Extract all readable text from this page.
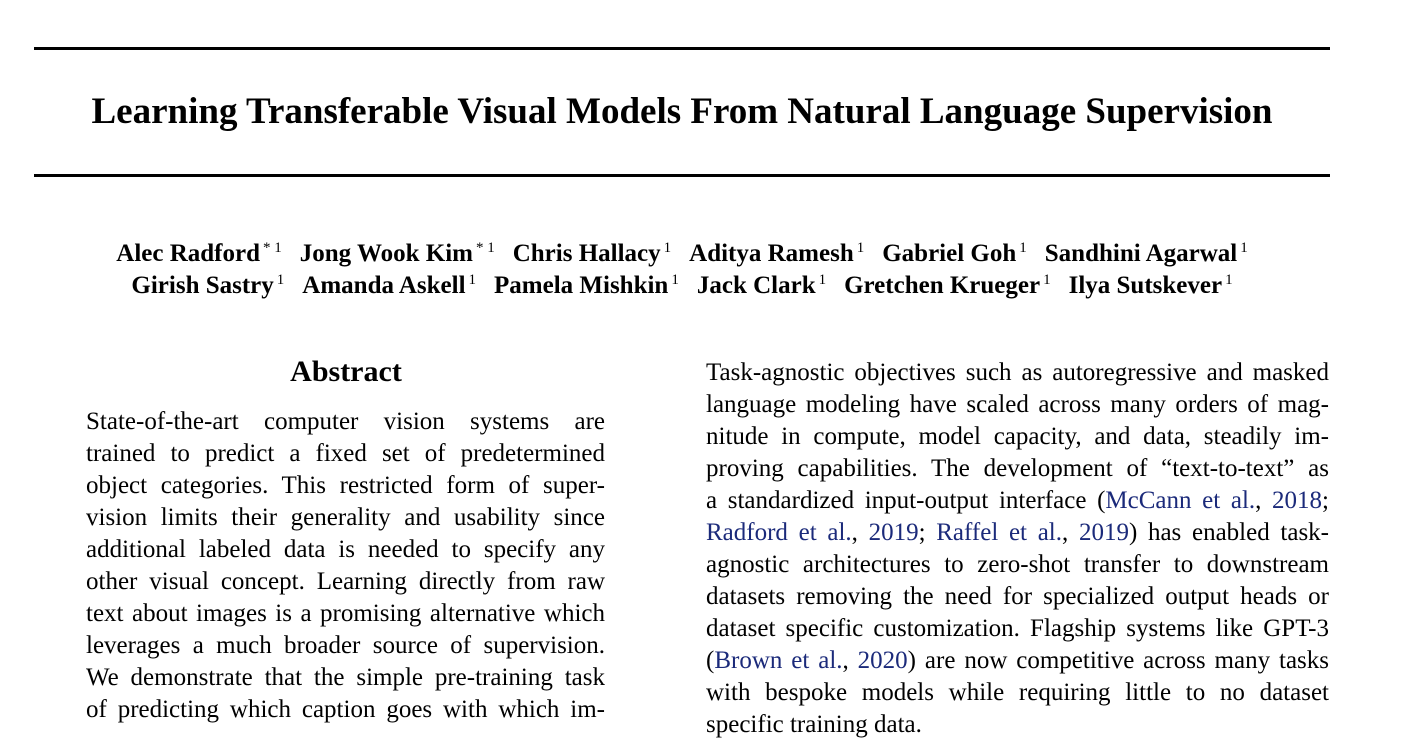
Learning Transferable Visual Models From Natural Language Supervision
Alec Radford $^{* 1}$ Jong Wook Kim $^{* 1}$ Chris Hallacy $^1$ Aditya Ramesh $^1$ Gabriel Goh $^1$ Sandhini Agarwal $^1$
Girish Sastry $^1$ Amanda Askell $^1$ Pamela Mishkin $^1$ Jack Clark $^1$ Gretchen Krueger $^1$ Ilya Sutskever $^1$
Abstract
State-of-the-art computer vision systems are
trained to predict a fixed set of predetermined
object categories. This restricted form of super-
vision limits their generality and usability since
additional labeled data is needed to specify any
other visual concept. Learning directly from raw
text about images is a promising alternative which
leverages a much broader source of supervision.
We demonstrate that the simple pre-training task
of predicting which caption goes with which im-
Task-agnostic objectives such as autoregressive and masked
language modeling have scaled across many orders of mag-
nitude in compute, model capacity, and data, steadily im-
proving capabilities. The development of “text-to-text” as
a standardized input-output interface (McCann et al., 2018;
Radford et al., 2019; Raffel et al., 2019) has enabled task-
agnostic architectures to zero-shot transfer to downstream
datasets removing the need for specialized output heads or
dataset specific customization. Flagship systems like GPT-3
(Brown et al., 2020) are now competitive across many tasks
with bespoke models while requiring little to no dataset
specific training data.
